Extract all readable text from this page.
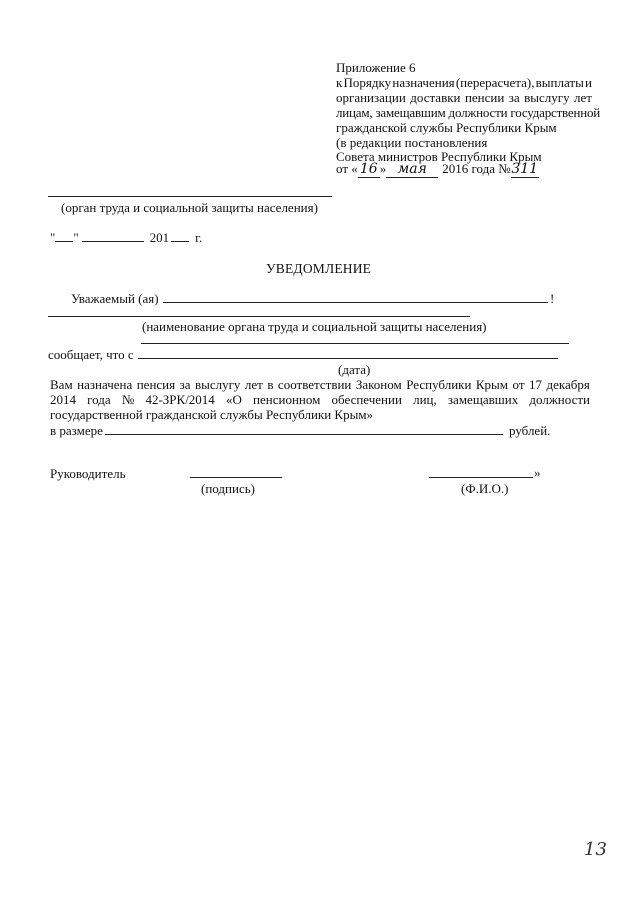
Приложение 6
к Порядку назначения (перерасчета), выплаты и
организации доставки пенсии за выслугу лет
лицам, замещавшим должности государственной
гражданской службы Республики Крым
(в редакции постановления
Совета министров Республики Крым
от « 16 » мая 2016 года №311
(орган труда и социальной защиты населения)
" "	201 г.
УВЕДОМЛЕНИЕ
Уважаемый (ая)	!
(наименование органа труда и социальной защиты населения)
сообщает, что с
(дата)
Вам назначена пенсия за выслугу лет в соответствии Законом Республики Крым от 17 декабря
2014 года № 42-ЗРК/2014 «О пенсионном обеспечении лиц, замещавших должности
государственной гражданской службы Республики Крым»
в размере	рублей.
Руководитель
(подпись)
»
(Ф.И.О.)
13
